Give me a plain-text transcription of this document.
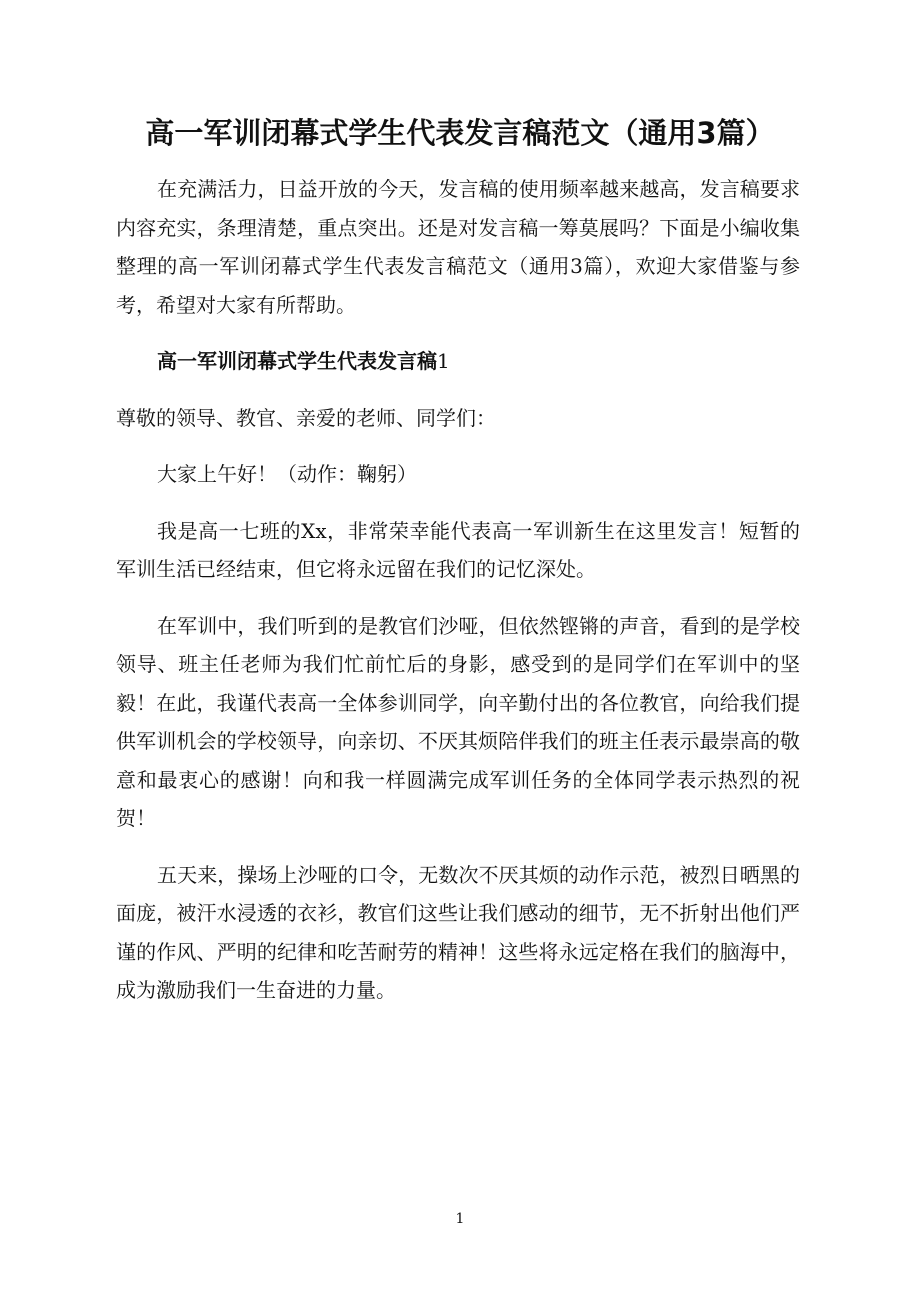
高一军训闭幕式学生代表发言稿范文（通用3篇）

在充满活力，日益开放的今天，发言稿的使用频率越来越高，发言稿要求内容充实，条理清楚，重点突出。还是对发言稿一筹莫展吗？下面是小编收集整理的高一军训闭幕式学生代表发言稿范文（通用3篇），欢迎大家借鉴与参考，希望对大家有所帮助。

高一军训闭幕式学生代表发言稿1

尊敬的领导、教官、亲爱的老师、同学们：

大家上午好！（动作：鞠躬）

我是高一七班的Xx，非常荣幸能代表高一军训新生在这里发言！短暂的军训生活已经结束，但它将永远留在我们的记忆深处。

在军训中，我们听到的是教官们沙哑，但依然铿锵的声音，看到的是学校领导、班主任老师为我们忙前忙后的身影，感受到的是同学们在军训中的坚毅！在此，我谨代表高一全体参训同学，向辛勤付出的各位教官，向给我们提供军训机会的学校领导，向亲切、不厌其烦陪伴我们的班主任表示最崇高的敬意和最衷心的感谢！向和我一样圆满完成军训任务的全体同学表示热烈的祝贺！

五天来，操场上沙哑的口令，无数次不厌其烦的动作示范，被烈日晒黑的面庞，被汗水浸透的衣衫，教官们这些让我们感动的细节，无不折射出他们严谨的作风、严明的纪律和吃苦耐劳的精神！这些将永远定格在我们的脑海中，成为激励我们一生奋进的力量。

1
